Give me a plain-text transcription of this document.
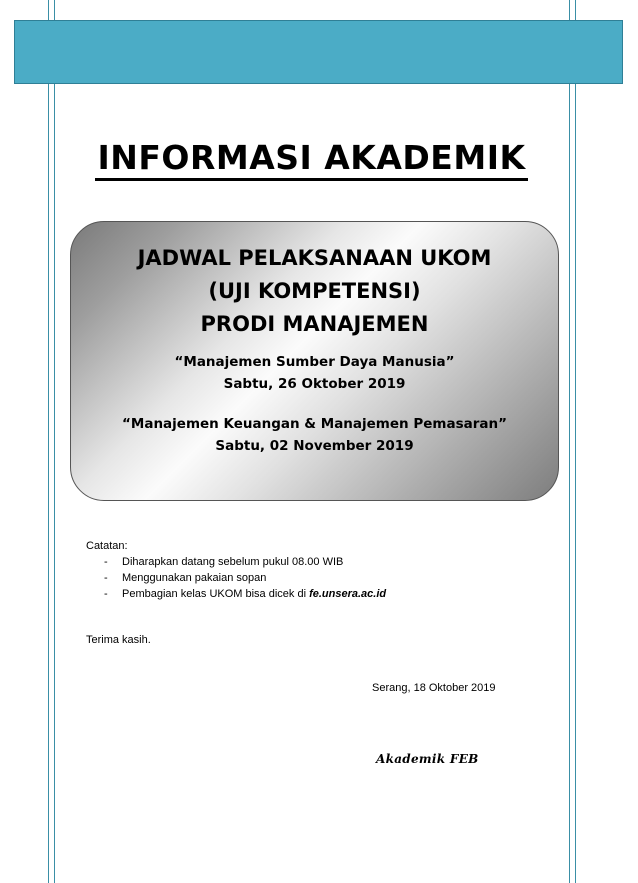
INFORMASI AKADEMIK
JADWAL PELAKSANAAN UKOM
(UJI KOMPETENSI)
PRODI MANAJEMEN
“Manajemen Sumber Daya Manusia”
Sabtu, 26 Oktober 2019
“Manajemen Keuangan & Manajemen Pemasaran”
Sabtu, 02 November 2019
Catatan:
- Diharapkan datang sebelum pukul 08.00 WIB
- Menggunakan pakaian sopan
- Pembagian kelas UKOM bisa dicek di fe.unsera.ac.id
Terima kasih.
Serang, 18 Oktober 2019
Akademik FEB
